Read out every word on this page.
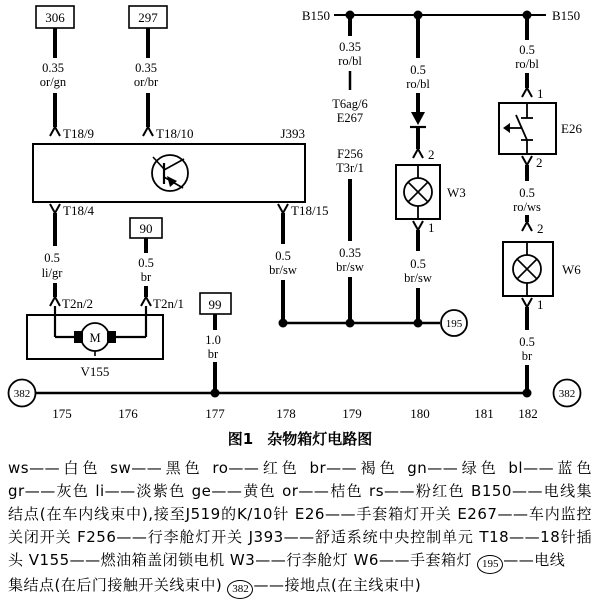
B150	B150
306
0.35
or/gn
T18/9
297
0.35
or/br
T18/10	J393
T18/4
0.5
li/gr
T18/15
0.5
br/sw
90
0.5
br
T2n/2	T2n/1
M
V155
99
1.0
br
0.35
ro/bl
T6ag/6
E267
F256
T3r/1
0.35
br/sw
0.5
ro/bl
2
W3
1
0.5
br/sw
195
0.5
ro/bl
1
E26
2
0.5
ro/ws
2
W6
1
0.5
br
382	382
175	176	177	178	179	180	181 182
图1 杂物箱灯电路图
ws——白色 sw——黑色 ro——红色 br——褐色 gn——绿色 bl——蓝色
gr——灰色 li——淡紫色 ge——黄色 or——桔色 rs——粉红色 B150——电线集
结点(在车内线束中),接至J519的K/10针 E26——手套箱灯开关 E267——车内监控
关闭开关 F256——行李舱灯开关 J393——舒适系统中央控制单元 T18——18针插
头 V155——燃油箱盖闭锁电机 W3——行李舱灯 W6——手套箱灯 195 ——电线
集结点(在后门接触开关线束中) 382 ——接地点(在主线束中)
